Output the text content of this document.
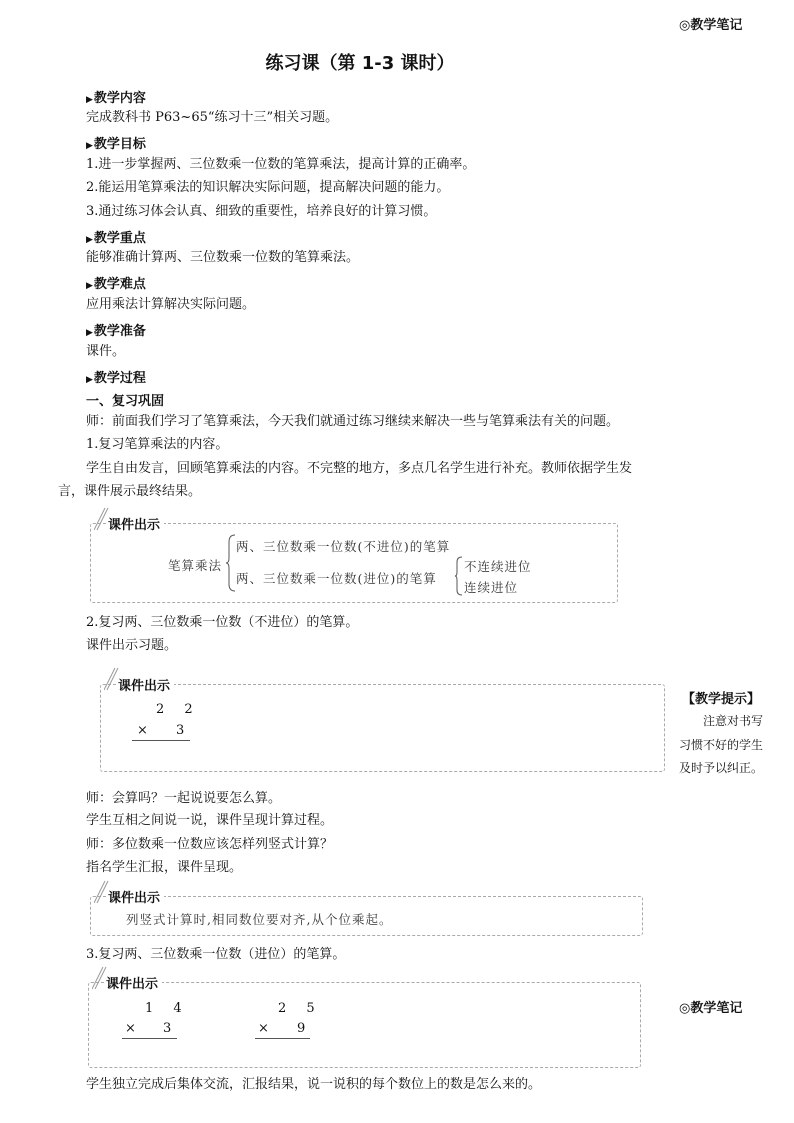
◎教学笔记
练习课（第 1-3 课时）
▶教学内容
完成教科书 P63~65“练习十三”相关习题。
▶教学目标
1.进一步掌握两、三位数乘一位数的笔算乘法，提高计算的正确率。
2.能运用笔算乘法的知识解决实际问题，提高解决问题的能力。
3.通过练习体会认真、细致的重要性，培养良好的计算习惯。
▶教学重点
能够准确计算两、三位数乘一位数的笔算乘法。
▶教学难点
应用乘法计算解决实际问题。
▶教学准备
课件。
▶教学过程
一、复习巩固
师：前面我们学习了笔算乘法，今天我们就通过练习继续来解决一些与笔算乘法有关的问题。
1.复习笔算乘法的内容。
学生自由发言，回顾笔算乘法的内容。不完整的地方，多点几名学生进行补充。教师依据学生发
言，课件展示最终结果。
课件出示
笔算乘法
两、三位数乘一位数(不进位)的笔算
两、三位数乘一位数(进位)的笔算
不连续进位
连续进位
2.复习两、三位数乘一位数（不进位）的笔算。
课件出示习题。
课件出示
2 2
× 3
【教学提示】
注意对书写
习惯不好的学生
及时予以纠正。
师：会算吗？一起说说要怎么算。
学生互相之间说一说，课件呈现计算过程。
师：多位数乘一位数应该怎样列竖式计算？
指名学生汇报，课件呈现。
课件出示
列竖式计算时,相同数位要对齐,从个位乘起。
3.复习两、三位数乘一位数（进位）的笔算。
课件出示
1 4
× 3
2 5
× 9
◎教学笔记
学生独立完成后集体交流，汇报结果，说一说积的每个数位上的数是怎么来的。
